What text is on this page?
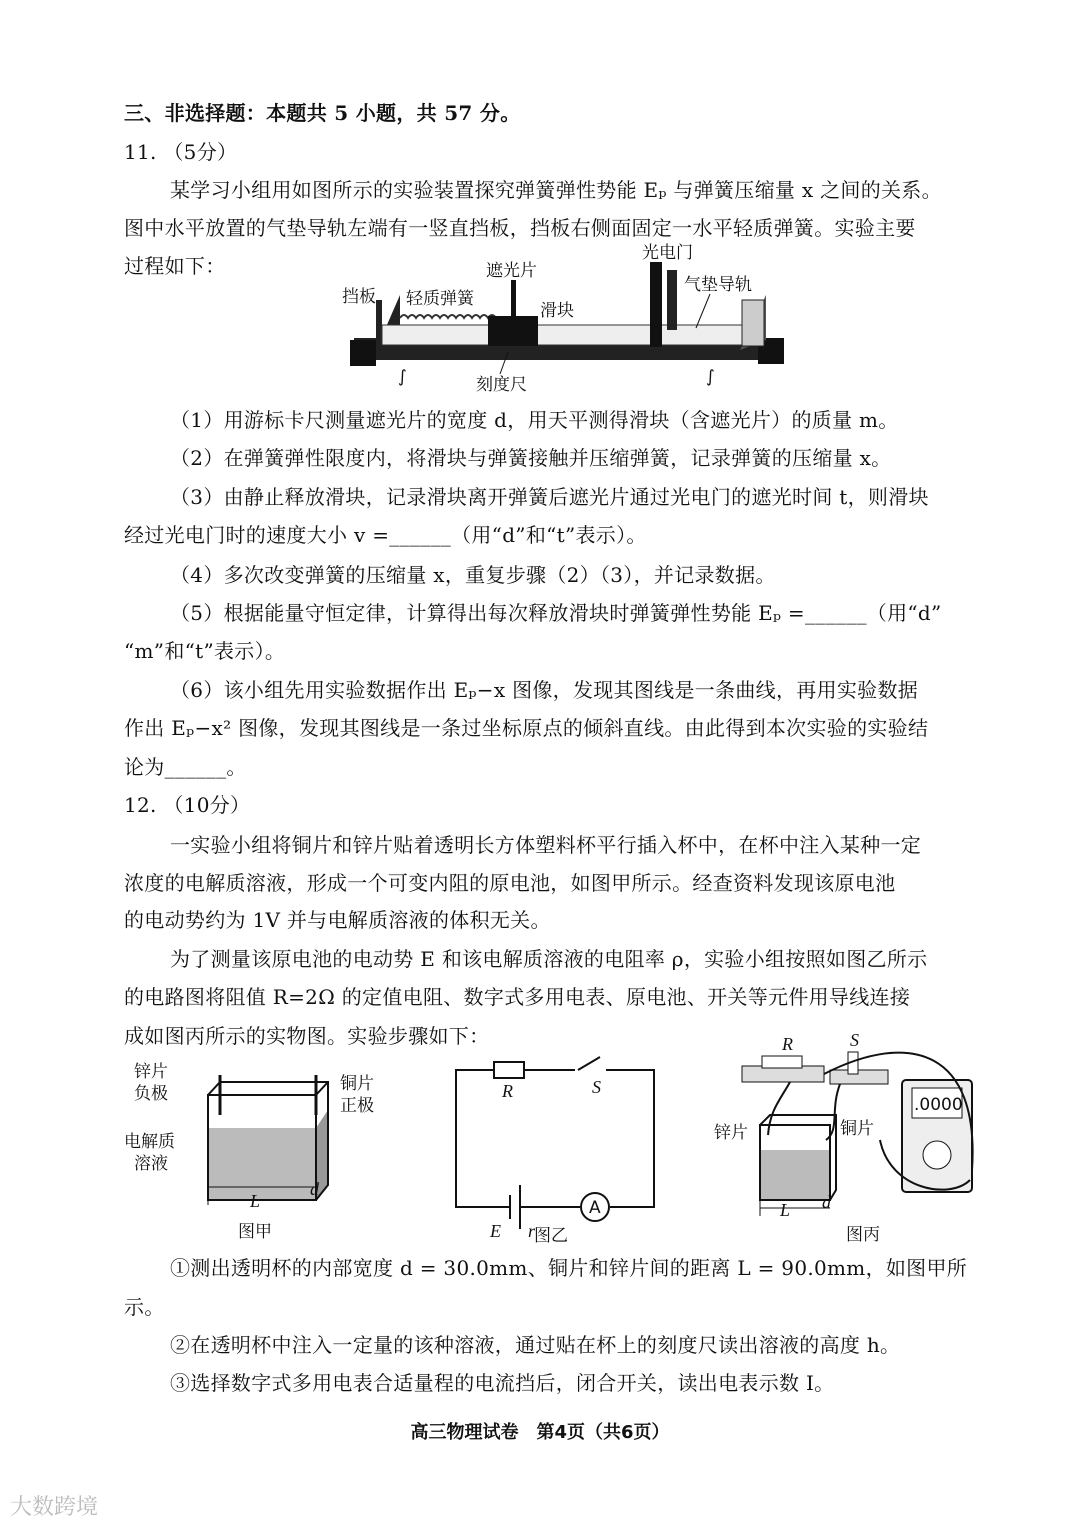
三、非选择题：本题共 5 小题，共 57 分。
11. （5分）
某学习小组用如图所示的实验装置探究弹簧弹性势能 Eₚ 与弹簧压缩量 x 之间的关系。
图中水平放置的气垫导轨左端有一竖直挡板，挡板右侧面固定一水平轻质弹簧。实验主要
过程如下：
挡板 轻质弹簧
遮光片
滑块
光电门
气垫导轨
刻度尺
∫	∫
（1）用游标卡尺测量遮光片的宽度 d，用天平测得滑块（含遮光片）的质量 m。
（2）在弹簧弹性限度内，将滑块与弹簧接触并压缩弹簧，记录弹簧的压缩量 x。
（3）由静止释放滑块，记录滑块离开弹簧后遮光片通过光电门的遮光时间 t，则滑块
经过光电门时的速度大小 v =______（用“d”和“t”表示）。
（4）多次改变弹簧的压缩量 x，重复步骤（2）（3），并记录数据。
（5）根据能量守恒定律，计算得出每次释放滑块时弹簧弹性势能 Eₚ =______（用“d”
“m”和“t”表示）。
（6）该小组先用实验数据作出 Eₚ−x 图像，发现其图线是一条曲线，再用实验数据
作出 Eₚ−x² 图像，发现其图线是一条过坐标原点的倾斜直线。由此得到本次实验的实验结
论为______。
12. （10分）
一实验小组将铜片和锌片贴着透明长方体塑料杯平行插入杯中，在杯中注入某种一定
浓度的电解质溶液，形成一个可变内阻的原电池，如图甲所示。经查资料发现该原电池
的电动势约为 1V 并与电解质溶液的体积无关。
为了测量该原电池的电动势 E 和该电解质溶液的电阻率 ρ，实验小组按照如图乙所示
的电路图将阻值 R=2Ω 的定值电阻、数字式多用电表、原电池、开关等元件用导线连接
成如图丙所示的实物图。实验步骤如下：
锌片
负极	铜片
正极
电解质
溶液
L
d
图甲
A
R	S
E r
图乙
.0000
R	S
锌片	铜片
L d
图丙
①测出透明杯的内部宽度 d = 30.0mm、铜片和锌片间的距离 L = 90.0mm，如图甲所
示。
②在透明杯中注入一定量的该种溶液，通过贴在杯上的刻度尺读出溶液的高度 h。
③选择数字式多用电表合适量程的电流挡后，闭合开关，读出电表示数 I。
高三物理试卷　第4页（共6页）
大数跨境
